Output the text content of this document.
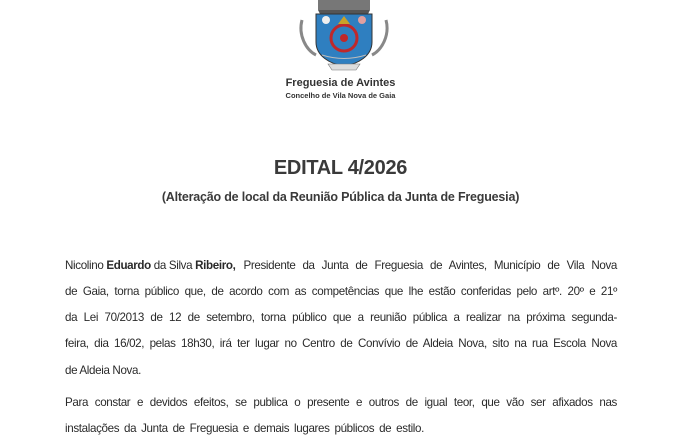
Freguesia de Avintes
Concelho de Vila Nova de Gaia
EDITAL 4/2026
(Alteração de local da Reunião Pública da Junta de Freguesia)
Nicolino Eduardo da Silva Ribeiro, Presidente da Junta de Freguesia de Avintes, Município de Vila Nova
de Gaia, torna público que, de acordo com as competências que lhe estão conferidas pelo artº. 20º e 21º
da Lei 70/2013 de 12 de setembro, torna público que a reunião pública a realizar na próxima segunda-
feira, dia 16/02, pelas 18h30, irá ter lugar no Centro de Convívio de Aldeia Nova, sito na rua Escola Nova
de Aldeia Nova.
Para constar e devidos efeitos, se publica o presente e outros de igual teor, que vão ser afixados nas
instalações da Junta de Freguesia e demais lugares públicos de estilo.
